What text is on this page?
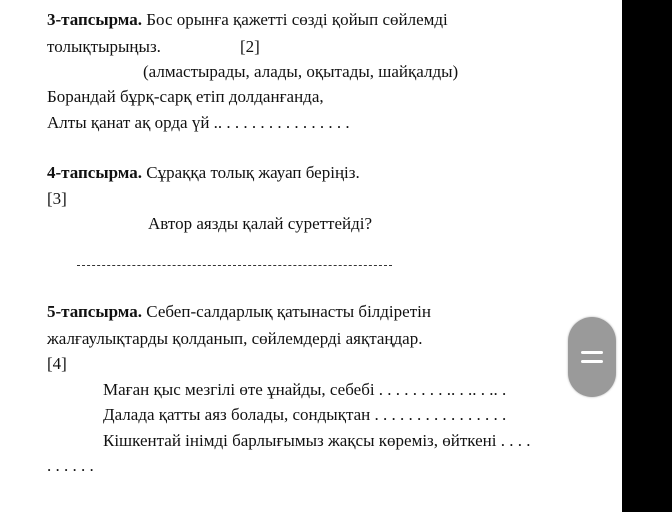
3-тапсырма. Бос орынға қажетті сөзді қойып сөйлемді
толықтырыңыз.	[2]
(алмастырады, алады, оқытады, шайқалды)
Борандай бұрқ-сарқ етіп долданғанда,
Алты қанат ақ орда үй .. . . . . . . . . . . . . . . .
4-тапсырма. Сұраққа толық жауап беріңіз.
[3]
Автор аязды қалай суреттейді?
5-тапсырма. Себеп-салдарлық қатынасты білдіретін
жалғаулықтарды қолданып, сөйлемдерді аяқтаңдар.
[4]
Маған қыс мезгілі өте ұнайды, себебі . . . . . . . . .. . .. . .. .
Далада қатты аяз болады, сондықтан . . . . . . . . . . . . . . . .
Кішкентай інімді барлығымыз жақсы көреміз, өйткені . . . .
. . . . . .
